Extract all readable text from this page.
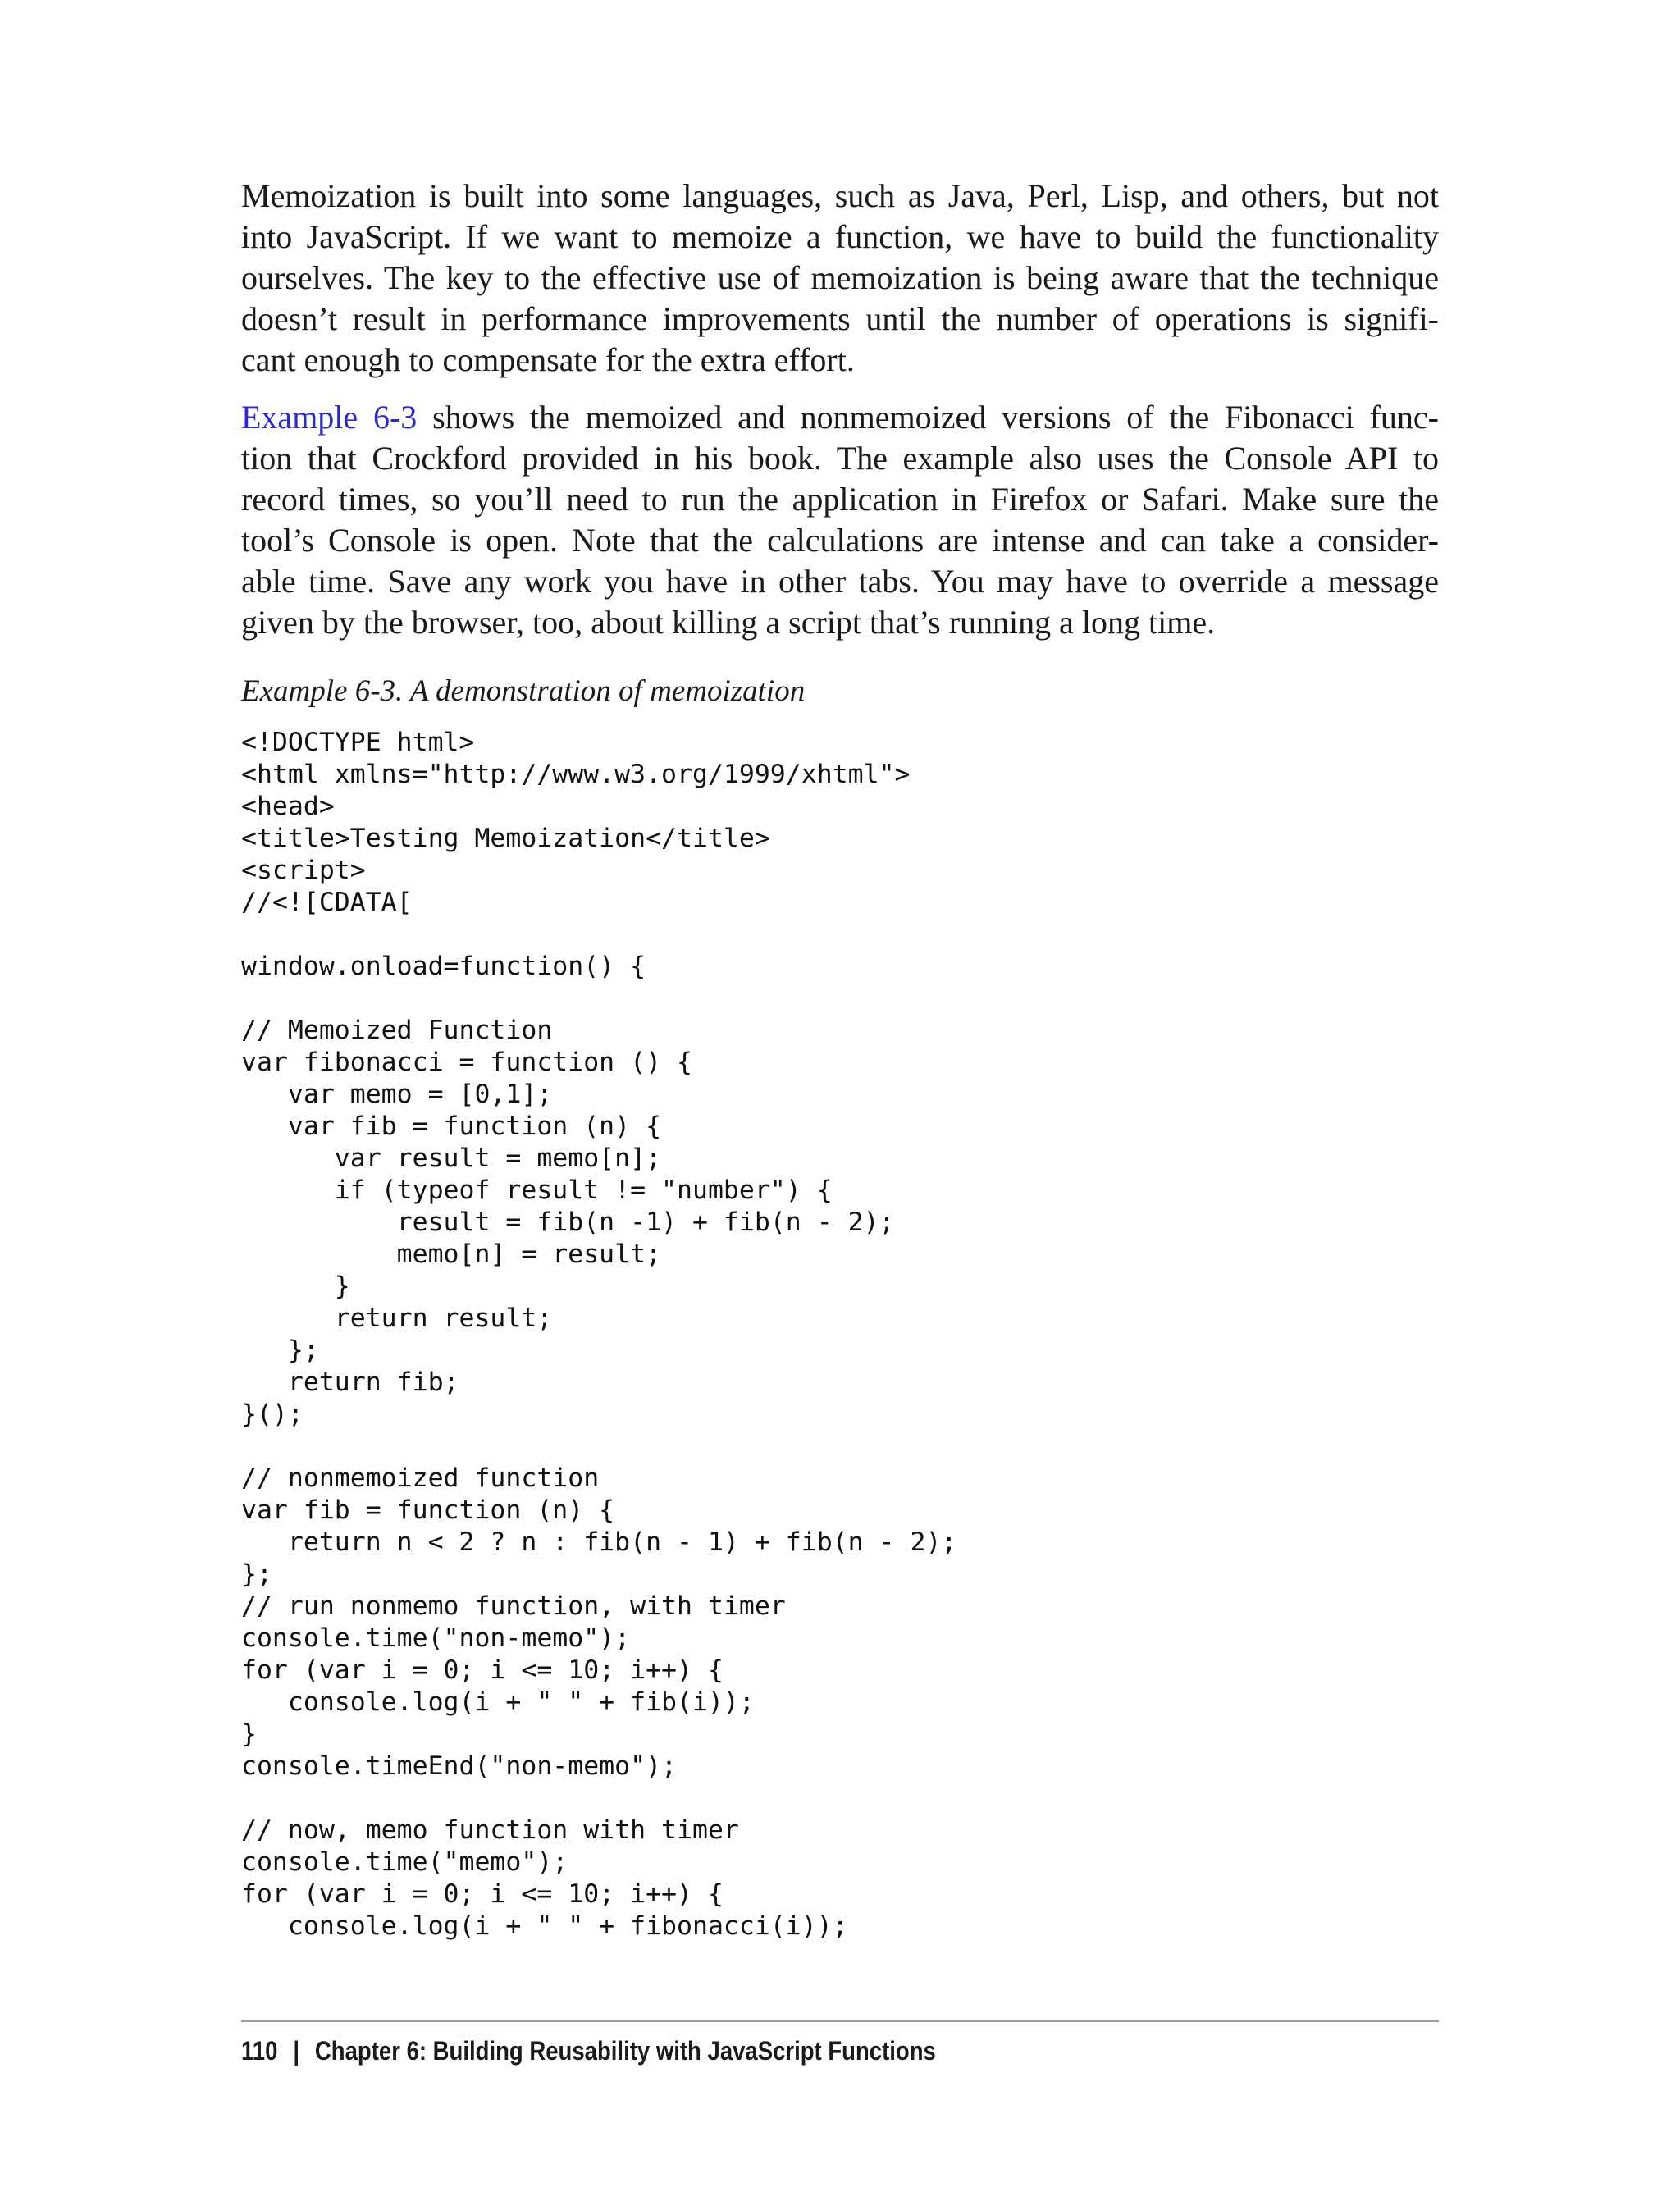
Memoization is built into some languages, such as Java, Perl, Lisp, and others, but not
into JavaScript. If we want to memoize a function, we have to build the functionality
ourselves. The key to the effective use of memoization is being aware that the technique
doesn’t result in performance improvements until the number of operations is signifi-
cant enough to compensate for the extra effort.
Example 6-3 shows the memoized and nonmemoized versions of the Fibonacci func-
tion that Crockford provided in his book. The example also uses the Console API to
record times, so you’ll need to run the application in Firefox or Safari. Make sure the
tool’s Console is open. Note that the calculations are intense and can take a consider-
able time. Save any work you have in other tabs. You may have to override a message
given by the browser, too, about killing a script that’s running a long time.
Example 6-3. A demonstration of memoization
<!DOCTYPE html>
<html xmlns="http://www.w3.org/1999/xhtml">
<head>
<title>Testing Memoization</title>
<script>
//<![CDATA[
window.onload=function() {
// Memoized Function
var fibonacci = function () {
var memo = [0,1];
var fib = function (n) {
var result = memo[n];
if (typeof result != "number") {
result = fib(n -1) + fib(n - 2);
memo[n] = result;
}
return result;
};
return fib;
}();
// nonmemoized function
var fib = function (n) {
return n < 2 ? n : fib(n - 1) + fib(n - 2);
};
// run nonmemo function, with timer
console.time("non-memo");
for (var i = 0; i <= 10; i++) {
console.log(i + " " + fib(i));
}
console.timeEnd("non-memo");
// now, memo function with timer
console.time("memo");
for (var i = 0; i <= 10; i++) {
console.log(i + " " + fibonacci(i));
110 | Chapter 6: Building Reusability with JavaScript Functions
